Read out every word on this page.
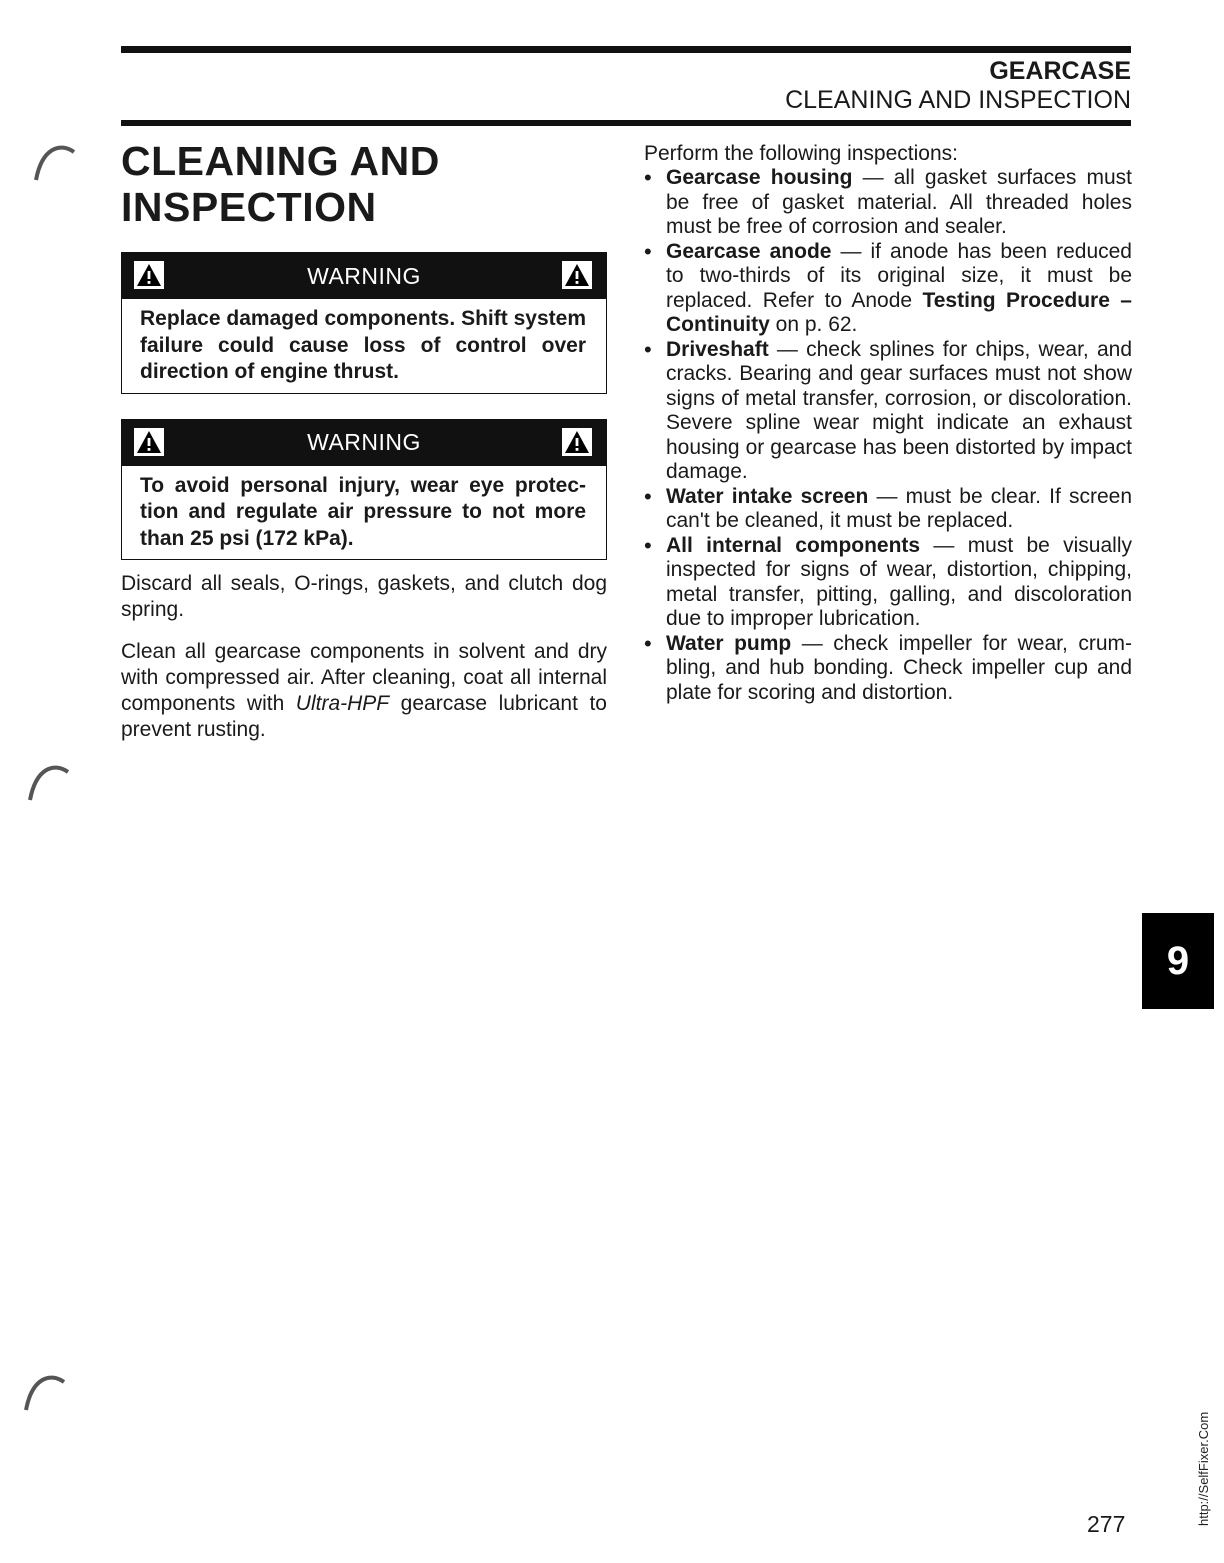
GEARCASE
CLEANING AND INSPECTION
CLEANING AND
INSPECTION
WARNING
Replace damaged components. Shift system failure could cause loss of control over direction of engine thrust.
WARNING
To avoid personal injury, wear eye protection and regulate air pressure to not more than 25 psi (172 kPa).

Discard all seals, O-rings, gaskets, and clutch dog spring.

Clean all gearcase components in solvent and dry with compressed air. After cleaning, coat all internal components with Ultra-HPF gearcase lubricant to prevent rusting.

Perform the following inspections:

• Gearcase housing — all gasket surfaces must be free of gasket material. All threaded holes must be free of corrosion and sealer.
• Gearcase anode — if anode has been reduced to two-thirds of its original size, it must be replaced. Refer to Anode Testing Procedure – Continuity on p. 62.
• Driveshaft — check splines for chips, wear, and cracks. Bearing and gear surfaces must not show signs of metal transfer, corrosion, or discoloration. Severe spline wear might indicate an exhaust housing or gearcase has been distorted by impact damage.
• Water intake screen — must be clear. If screen can't be cleaned, it must be replaced.
• All internal components — must be visually inspected for signs of wear, distortion, chipping, metal transfer, pitting, galling, and discoloration due to improper lubrication.
• Water pump — check impeller for wear, crumbling, and hub bonding. Check impeller cup and plate for scoring and distortion.
9
277	http://SelfFixer.Com
